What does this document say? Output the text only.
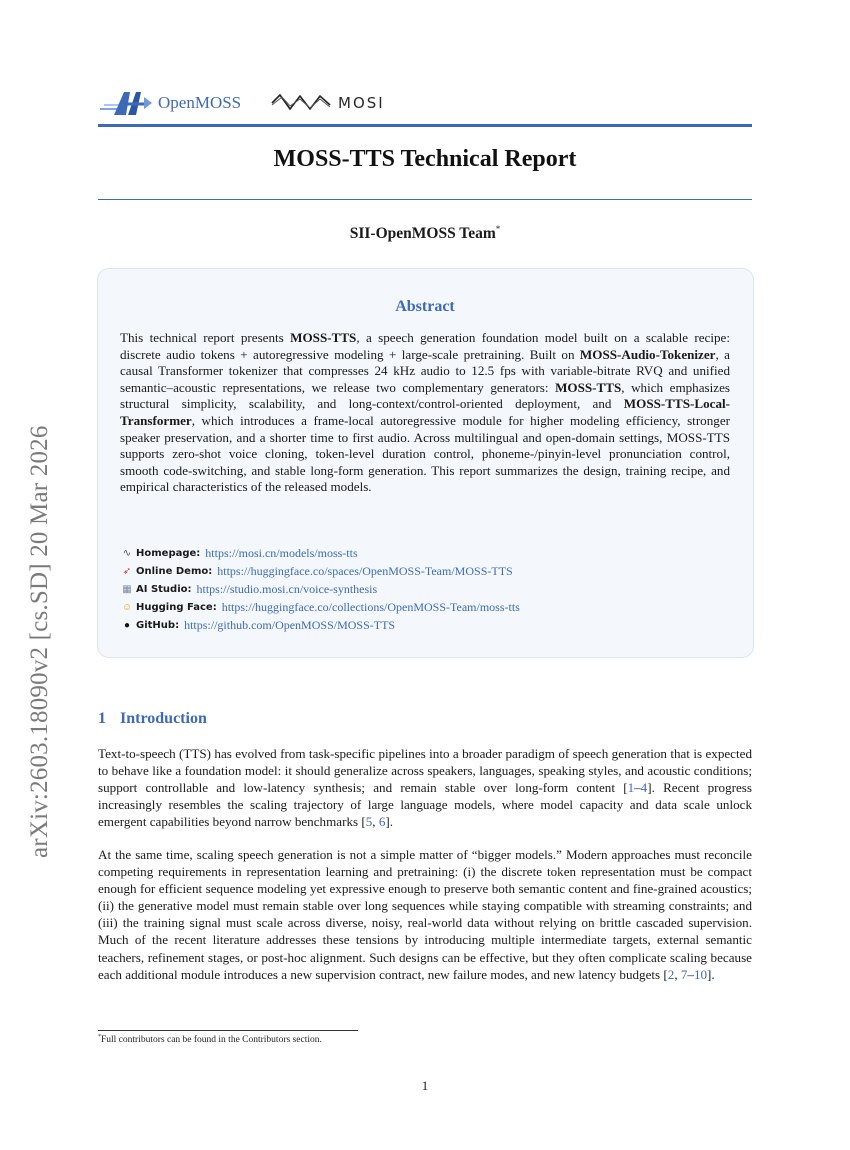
arXiv:2603.18090v2 [cs.SD] 20 Mar 2026
OpenMOSS	MOSI
MOSS-TTS Technical Report
SII-OpenMOSS Team*
Abstract
This technical report presents MOSS-TTS, a speech generation foundation model built on a scalable recipe: discrete audio tokens + autoregressive modeling + large-scale pretraining. Built on MOSS-Audio-Tokenizer, a causal Transformer tokenizer that compresses 24 kHz audio to 12.5 fps with variable-bitrate RVQ and unified semantic–acoustic representations, we release two complementary generators: MOSS-TTS, which emphasizes structural simplicity, scalability, and long-context/control-oriented deployment, and MOSS-TTS-Local-Transformer, which introduces a frame-local autoregressive module for higher modeling efficiency, stronger speaker preservation, and a shorter time to first audio. Across multilingual and open-domain settings, MOSS-TTS supports zero-shot voice cloning, token-level duration control, phoneme-/pinyin-level pronunciation control, smooth code-switching, and stable long-form generation. This report summarizes the design, training recipe, and empirical characteristics of the released models.
∿ Homepage: https://mosi.cn/models/moss-tts
➶ Online Demo: https://huggingface.co/spaces/OpenMOSS-Team/MOSS-TTS
▦ AI Studio: https://studio.mosi.cn/voice-synthesis
☺ Hugging Face: https://huggingface.co/collections/OpenMOSS-Team/moss-tts
● GitHub: https://github.com/OpenMOSS/MOSS-TTS
1 Introduction
Text-to-speech (TTS) has evolved from task-specific pipelines into a broader paradigm of speech generation that is expected to behave like a foundation model: it should generalize across speakers, languages, speaking styles, and acoustic conditions; support controllable and low-latency synthesis; and remain stable over long-form content [1–4]. Recent progress increasingly resembles the scaling trajectory of large language models, where model capacity and data scale unlock emergent capabilities beyond narrow benchmarks [5, 6].
At the same time, scaling speech generation is not a simple matter of “bigger models.” Modern approaches must reconcile competing requirements in representation learning and pretraining: (i) the discrete token representation must be compact enough for efficient sequence modeling yet expressive enough to preserve both semantic content and fine-grained acoustics; (ii) the generative model must remain stable over long sequences while staying compatible with streaming constraints; and (iii) the training signal must scale across diverse, noisy, real-world data without relying on brittle cascaded supervision. Much of the recent literature addresses these tensions by introducing multiple intermediate targets, external semantic teachers, refinement stages, or post-hoc alignment. Such designs can be effective, but they often complicate scaling because each additional module introduces a new supervision contract, new failure modes, and new latency budgets [2, 7–10].
*Full contributors can be found in the Contributors section.
1
